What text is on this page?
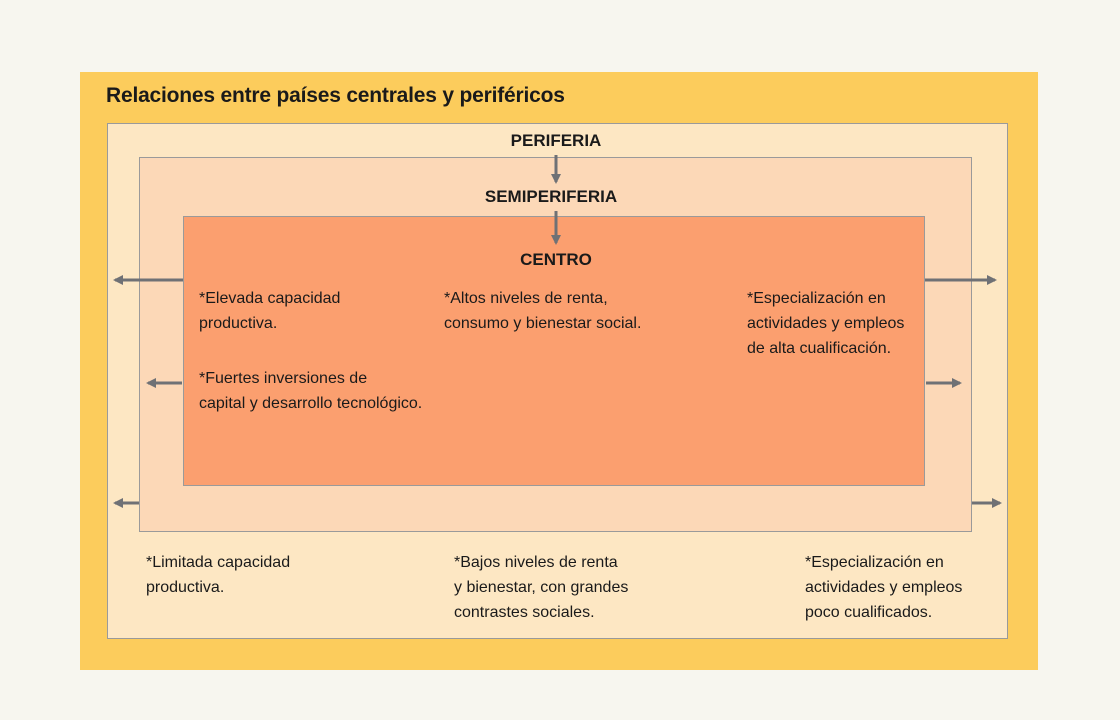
Relaciones entre países centrales y periféricos
PERIFERIA
SEMIPERIFERIA
CENTRO
*Elevada capacidad
productiva.
*Fuertes inversiones de
capital y desarrollo tecnológico.
*Altos niveles de renta,
consumo y bienestar social.
*Especialización en
actividades y empleos
de alta cualificación.
*Limitada capacidad
productiva.
*Bajos niveles de renta
y bienestar, con grandes
contrastes sociales.
*Especialización en
actividades y empleos
poco cualificados.
